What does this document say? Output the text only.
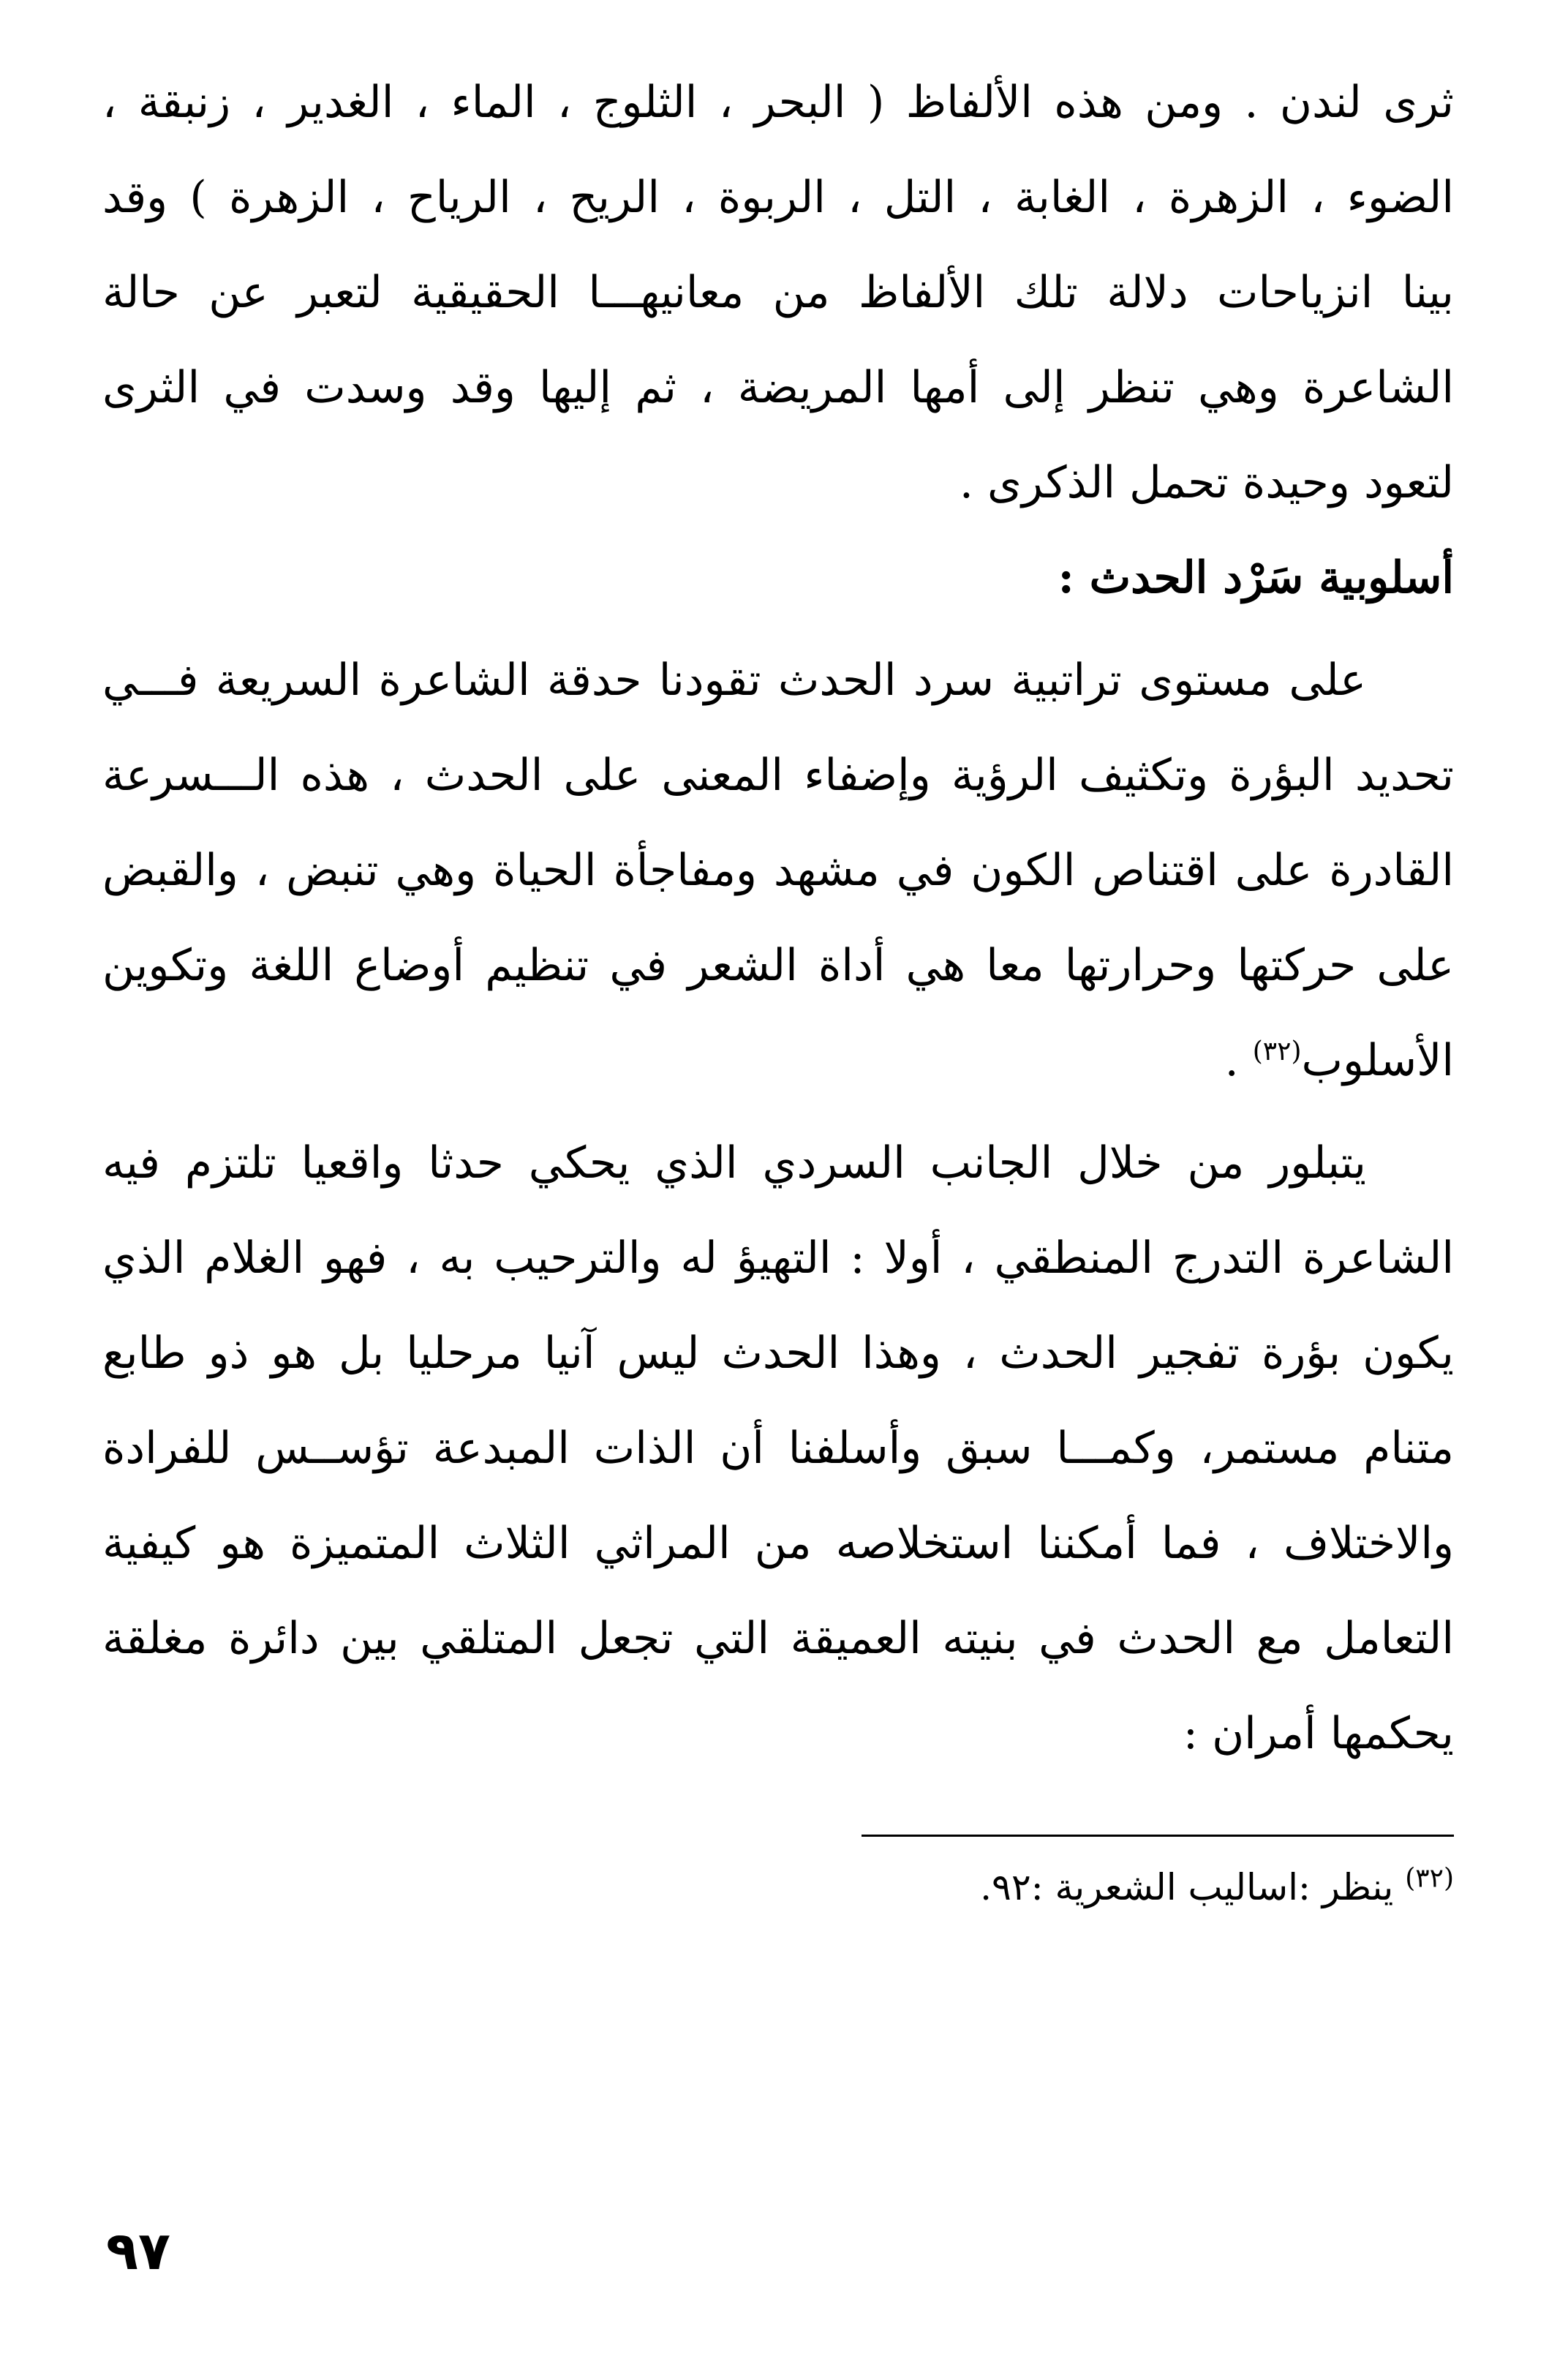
ثرى لندن . ومن هذه الألفاظ ( البحر ، الثلوج ، الماء ، الغدير ، زنبقة ،
الضوء ، الزهرة ، الغابة ، التل ، الربوة ، الريح ، الرياح ، الزهرة ) وقد
بينا انزياحات دلالة تلك الألفاظ من معانيهـــا الحقيقية لتعبر عن حالة
الشاعرة وهي تنظر إلى أمها المريضة ، ثم إليها وقد وسدت في الثرى
لتعود وحيدة تحمل الذكرى .
أسلوبية سَرْد الحدث :
على مستوى تراتبية سرد الحدث تقودنا حدقة الشاعرة السريعة فـــي
تحديد البؤرة وتكثيف الرؤية وإضفاء المعنى على الحدث ، هذه الـــسرعة
القادرة على اقتناص الكون في مشهد ومفاجأة الحياة وهي تنبض ، والقبض
على حركتها وحرارتها معا هي أداة الشعر في تنظيم أوضاع اللغة وتكوين
الأسلوب$^{(٣٢)}$ .
يتبلور من خلال الجانب السردي الذي يحكي حدثا واقعيا تلتزم فيه
الشاعرة التدرج المنطقي ، أولا : التهيؤ له والترحيب به ، فهو الغلام الذي
يكون بؤرة تفجير الحدث ، وهذا الحدث ليس آنيا مرحليا بل هو ذو طابع
متنام مستمر، وكمـــا سبق وأسلفنا أن الذات المبدعة تؤســس للفرادة
والاختلاف ، فما أمكننا استخلاصه من المراثي الثلاث المتميزة هو كيفية
التعامل مع الحدث في بنيته العميقة التي تجعل المتلقي بين دائرة مغلقة
يحكمها أمران :
$^{(٣٢)}$ ينظر :اساليب الشعرية :٩٢.
٩٧
